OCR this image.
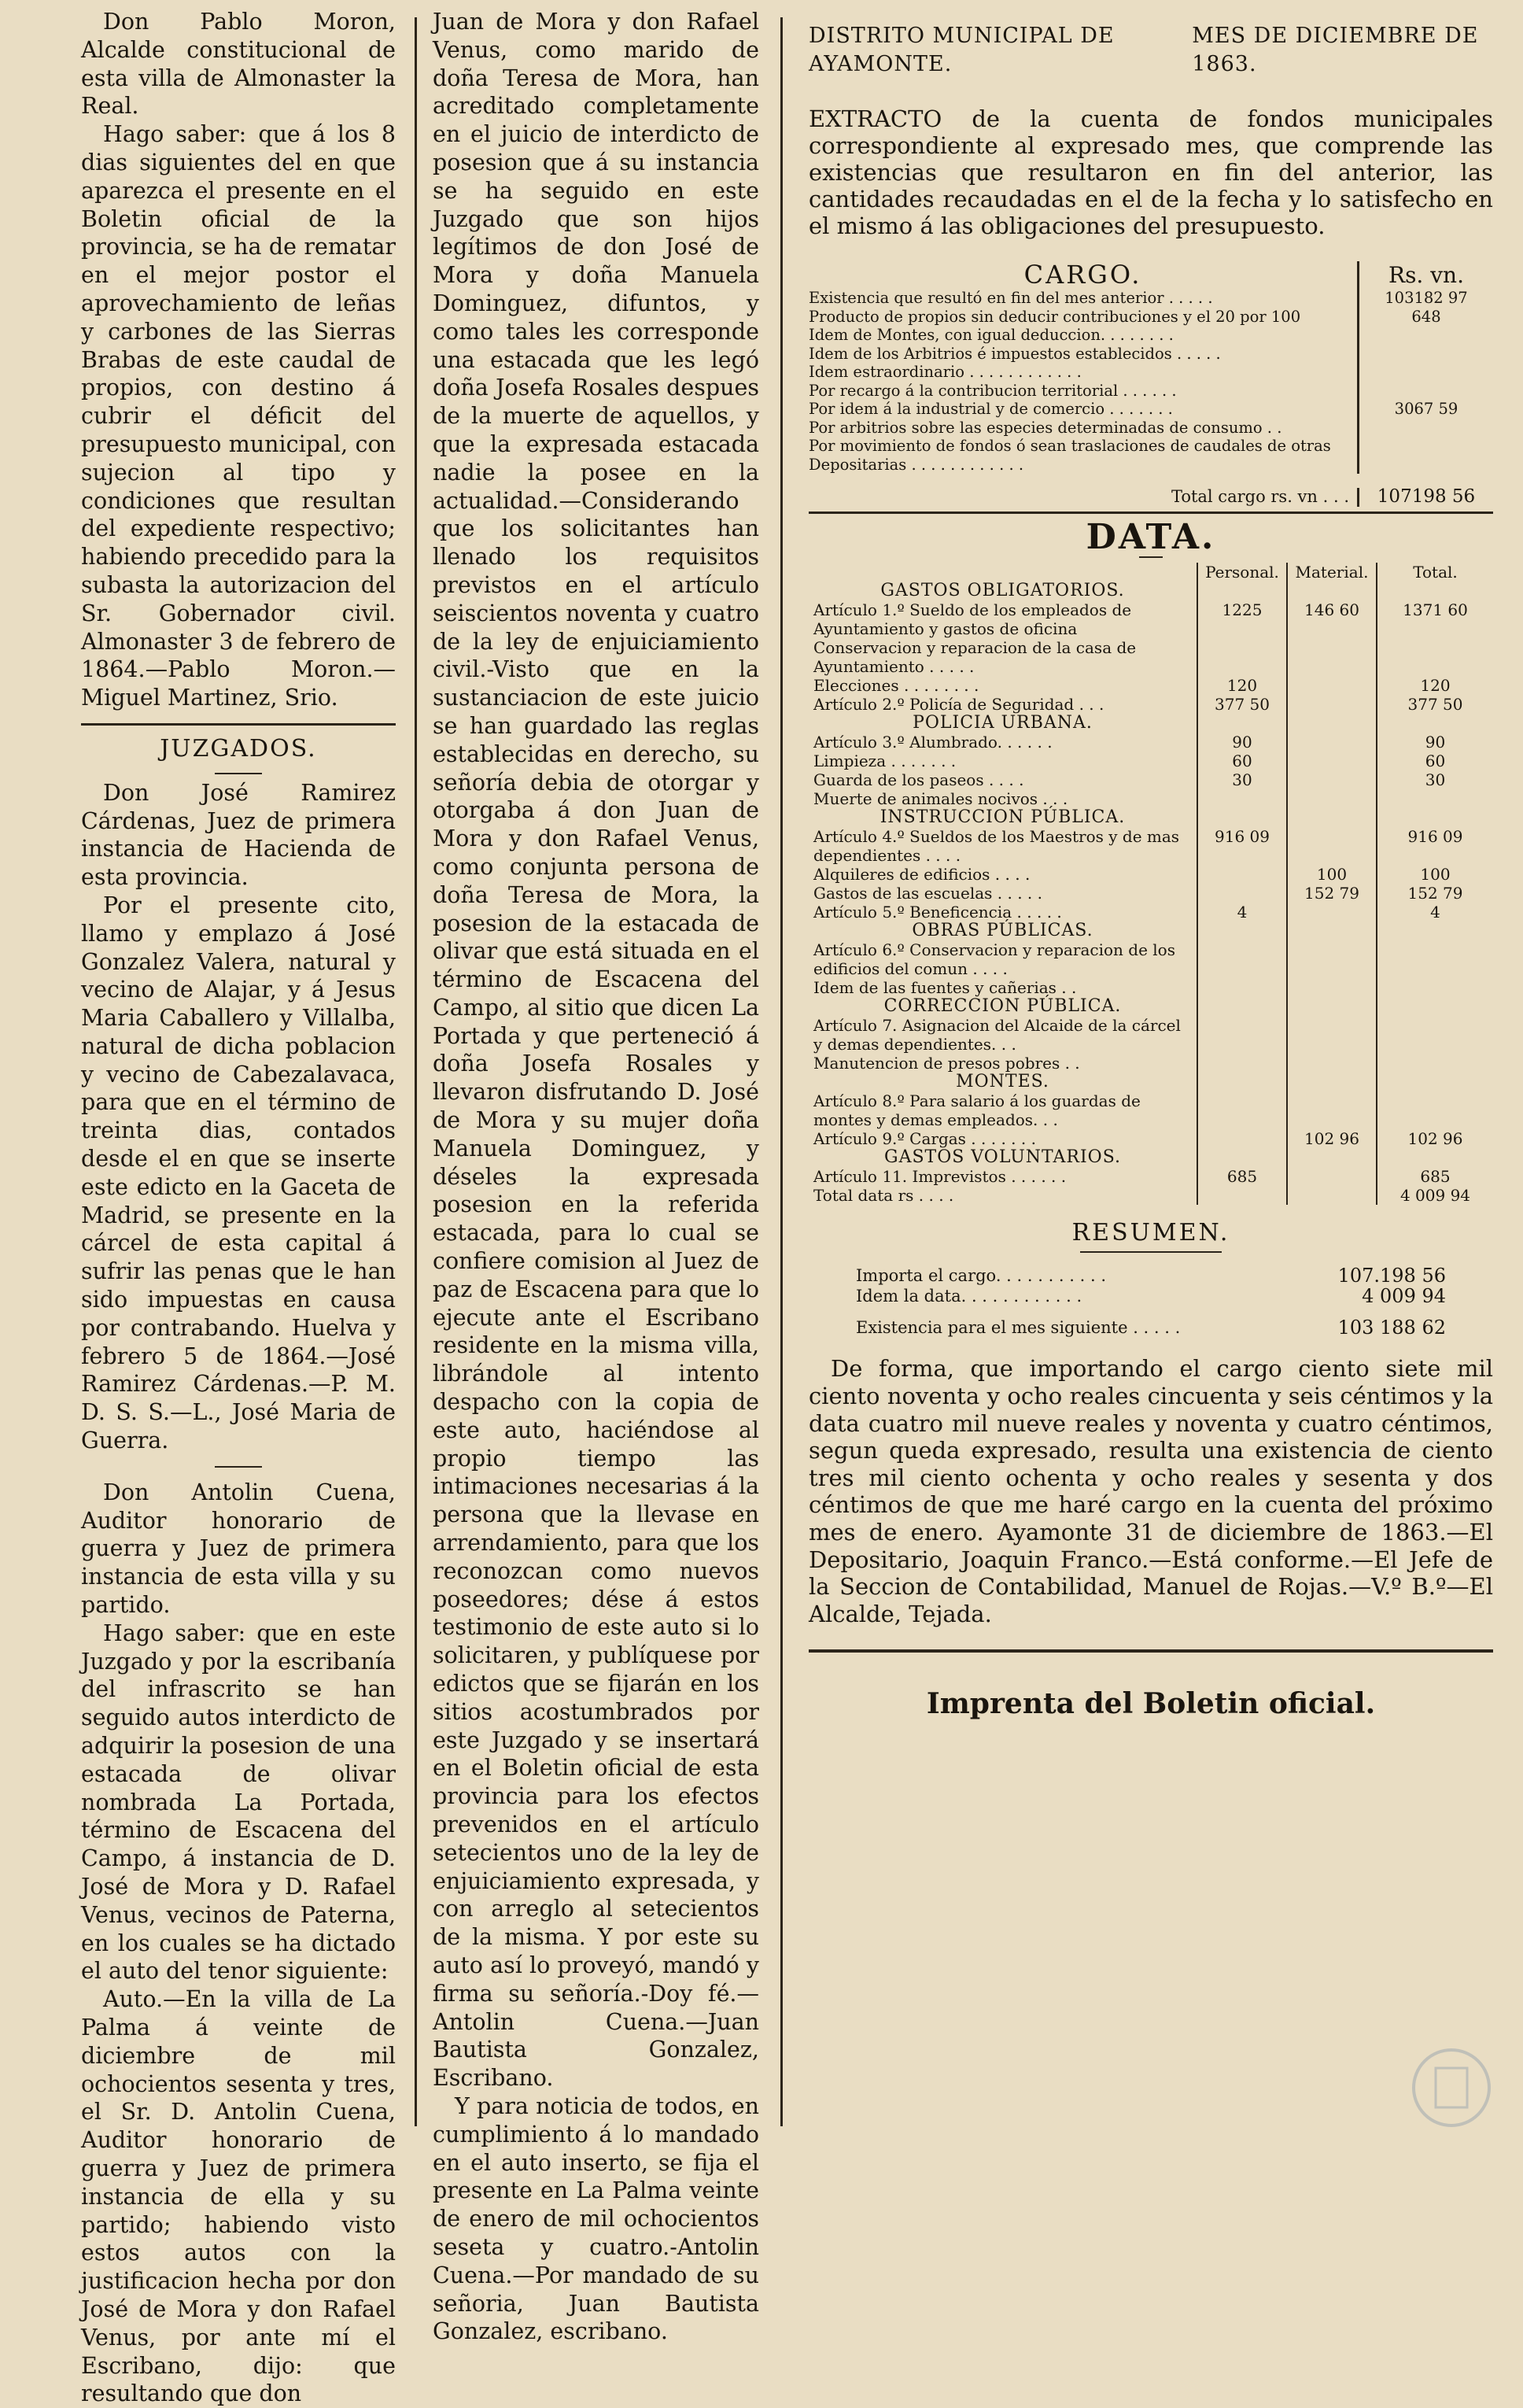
Don Pablo Moron, Alcalde constitucional de esta villa de Almonaster la Real.

Hago saber: que á los 8 dias siguientes del en que aparezca el presente en el Boletin oficial de la provincia, se ha de rematar en el mejor postor el aprovechamiento de leñas y carbones de las Sierras Brabas de este caudal de propios, con destino á cubrir el déficit del presupuesto municipal, con sujecion al tipo y condiciones que resultan del expediente respectivo; habiendo precedido para la subasta la autorizacion del Sr. Gobernador civil. Almonaster 3 de febrero de 1864.—Pablo Moron.—Miguel Martinez, Srio.

JUZGADOS.

Don José Ramirez Cárdenas, Juez de primera instancia de Hacienda de esta provincia.

Por el presente cito, llamo y emplazo á José Gonzalez Valera, natural y vecino de Alajar, y á Jesus Maria Caballero y Villalba, natural de dicha poblacion y vecino de Cabezalavaca, para que en el término de treinta dias, contados desde el en que se inserte este edicto en la Gaceta de Madrid, se presente en la cárcel de esta capital á sufrir las penas que le han sido impuestas en causa por contrabando. Huelva y febrero 5 de 1864.—José Ramirez Cárdenas.—P. M. D. S. S.—L., José Maria de Guerra.

Don Antolin Cuena, Auditor honorario de guerra y Juez de primera instancia de esta villa y su partido.

Hago saber: que en este Juzgado y por la escribanía del infrascrito se han seguido autos interdicto de adquirir la posesion de una estacada de olivar nombrada La Portada, término de Escacena del Campo, á instancia de D. José de Mora y D. Rafael Venus, vecinos de Paterna, en los cuales se ha dictado el auto del tenor siguiente:

Auto.—En la villa de La Palma á veinte de diciembre de mil ochocientos sesenta y tres, el Sr. D. Antolin Cuena, Auditor honorario de guerra y Juez de primera instancia de ella y su partido; habiendo visto estos autos con la justificacion hecha por don José de Mora y don Rafael Venus, por ante mí el Escribano, dijo: que resultando que don

Juan de Mora y don Rafael Venus, como marido de doña Teresa de Mora, han acreditado completamente en el juicio de interdicto de posesion que á su instancia se ha seguido en este Juzgado que son hijos legítimos de don José de Mora y doña Manuela Dominguez, difuntos, y como tales les corresponde una estacada que les legó doña Josefa Rosales despues de la muerte de aquellos, y que la expresada estacada nadie la posee en la actualidad.—Considerando que los solicitantes han llenado los requisitos previstos en el artículo seiscientos noventa y cuatro de la ley de enjuiciamiento civil.-Visto que en la sustanciacion de este juicio se han guardado las reglas establecidas en derecho, su señoría debia de otorgar y otorgaba á don Juan de Mora y don Rafael Venus, como conjunta persona de doña Teresa de Mora, la posesion de la estacada de olivar que está situada en el término de Escacena del Campo, al sitio que dicen La Portada y que perteneció á doña Josefa Rosales y llevaron disfrutando D. José de Mora y su mujer doña Manuela Dominguez, y déseles la expresada posesion en la referida estacada, para lo cual se confiere comision al Juez de paz de Escacena para que lo ejecute ante el Escribano residente en la misma villa, librándole al intento despacho con la copia de este auto, haciéndose al propio tiempo las intimaciones necesarias á la persona que la llevase en arrendamiento, para que los reconozcan como nuevos poseedores; dése á estos testimonio de este auto si lo solicitaren, y publíquese por edictos que se fijarán en los sitios acostumbrados por este Juzgado y se insertará en el Boletin oficial de esta provincia para los efectos prevenidos en el artículo setecientos uno de la ley de enjuiciamiento expresada, y con arreglo al setecientos de la misma. Y por este su auto así lo proveyó, mandó y firma su señoría.-Doy fé.—Antolin Cuena.—Juan Bautista Gonzalez, Escribano.

Y para noticia de todos, en cumplimiento á lo mandado en el auto inserto, se fija el presente en La Palma veinte de enero de mil ochocientos seseta y cuatro.-Antolin Cuena.—Por mandado de su señoria, Juan Bautista Gonzalez, escribano.

DISTRITO MUNICIPAL DE AYAMONTE.
MES DE DICIEMBRE DE 1863.

EXTRACTO de la cuenta de fondos municipales correspondiente al expresado mes, que comprende las existencias que resultaron en fin del anterior, las cantidades recaudadas en el de la fecha y lo satisfecho en el mismo á las obligaciones del presupuesto.

CARGO.	Rs. vn.
Existencia que resultó en fin del mes anterior . . . . .	103182 97
Producto de propios sin deducir contribuciones y el 20 por 100	648
Idem de Montes, con igual deduccion. . . . . . . .
Idem de los Arbitrios é impuestos establecidos . . . . .
Idem estraordinario . . . . . . . . . . . .
Por recargo á la contribucion territorial . . . . . .
Por idem á la industrial y de comercio . . . . . . .	3067 59
Por arbitrios sobre las especies determinadas de consumo . .
Por movimiento de fondos ó sean traslaciones de caudales de otras Depositarias . . . . . . . . . . . .
Total cargo rs. vn . . .	107198 56
DATA.
	Personal.	Material.	Total.
GASTOS OBLIGATORIOS.			
Artículo 1.º Sueldo de los empleados de Ayuntamiento y gastos de oficina	1225	146 60	1371 60
Conservacion y reparacion de la casa de Ayuntamiento . . . . .			
Elecciones . . . . . . . .	120		120
Artículo 2.º Policía de Seguridad . . .	377 50		377 50
POLICIA URBANA.			
Artículo 3.º Alumbrado. . . . . .	90		90
Limpieza . . . . . . .	60		60
Guarda de los paseos . . . .	30		30
Muerte de animales nocivos . . .			
INSTRUCCION PÚBLICA.			
Artículo 4.º Sueldos de los Maestros y de mas dependientes . . . .	916 09		916 09
Alquileres de edificios . . . .		100	100
Gastos de las escuelas . . . . .		152 79	152 79
Artículo 5.º Beneficencia . . . . .	4		4
OBRAS PÚBLICAS.			
Artículo 6.º Conservacion y reparacion de los edificios del comun . . . .			
Idem de las fuentes y cañerias . .			
CORRECCION PÚBLICA.			
Artículo 7. Asignacion del Alcaide de la cárcel y demas dependientes. . .			
Manutencion de presos pobres . .			
MONTES.			
Artículo 8.º Para salario á los guardas de montes y demas empleados. . .			
Artículo 9.º Cargas . . . . . . .		102 96	102 96
GASTOS VOLUNTARIOS.			
Artículo 11. Imprevistos . . . . . .	685		685
Total data rs . . . .			4 009 94
RESUMEN.
Importa el cargo. . . . . . . . . . .	107.198 56
Idem la data. . . . . . . . . . . .	4 009 94
Existencia para el mes siguiente . . . . .	103 188 62

De forma, que importando el cargo ciento siete mil ciento noventa y ocho reales cincuenta y seis céntimos y la data cuatro mil nueve reales y noventa y cuatro céntimos, segun queda expresado, resulta una existencia de ciento tres mil ciento ochenta y ocho reales y sesenta y dos céntimos de que me haré cargo en la cuenta del próximo mes de enero. Ayamonte 31 de diciembre de 1863.—El Depositario, Joaquin Franco.—Está conforme.—El Jefe de la Seccion de Contabilidad, Manuel de Rojas.—V.º B.º—El Alcalde, Tejada.

Imprenta del Boletin oficial.
